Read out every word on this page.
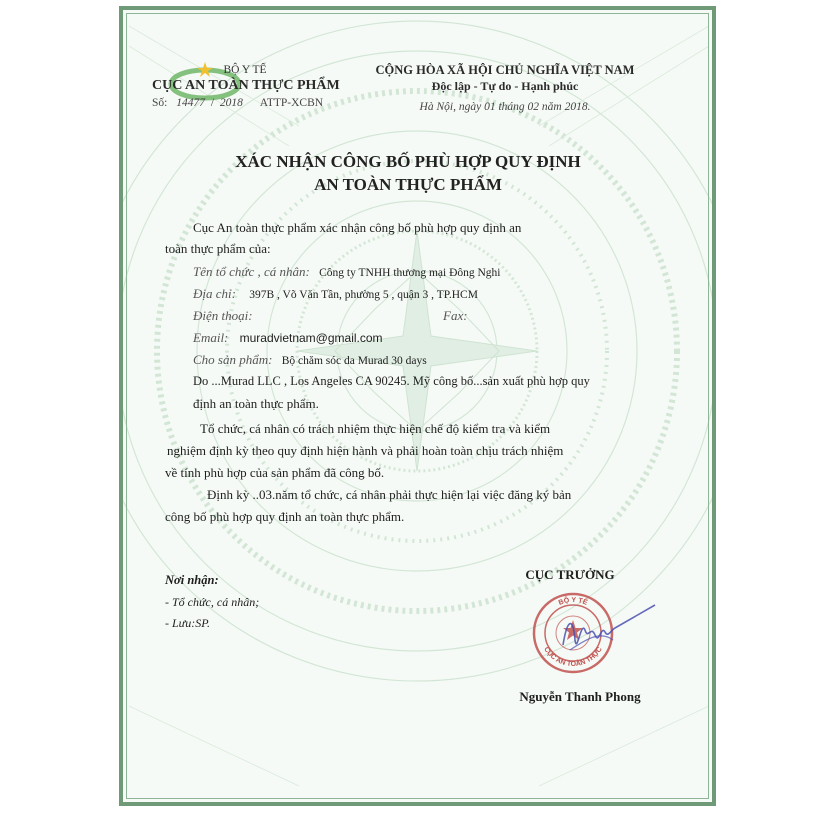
BỘ Y TẾ
CỤC AN TOÀN THỰC PHẨM
Số: 14477 / 2018 ATTP-XCBN
CỘNG HÒA XÃ HỘI CHỦ NGHĨA VIỆT NAM
Độc lập - Tự do - Hạnh phúc
Hà Nội, ngày 01 tháng 02 năm 2018.
XÁC NHẬN CÔNG BỐ PHÙ HỢP QUY ĐỊNH
AN TOÀN THỰC PHẨM
Cục An toàn thực phẩm xác nhận công bố phù hợp quy định an
toàn thực phẩm của:
Tên tổ chức , cá nhân: Công ty TNHH thương mại Đông Nghi
Địa chỉ: 397B , Võ Văn Tần, phường 5 , quận 3 , TP.HCM
Điện thoại:	Fax:
Email: muradvietnam@gmail.com
Cho sản phẩm: Bộ chăm sóc da Murad 30 days
Do ...Murad LLC , Los Angeles CA 90245. Mỹ công bố...sản xuất phù hợp quy
định an toàn thực phẩm.
Tổ chức, cá nhân có trách nhiệm thực hiện chế độ kiểm tra và kiểm
nghiệm định kỳ theo quy định hiện hành và phải hoàn toàn chịu trách nhiệm
về tính phù hợp của sản phẩm đã công bố.
Định kỳ ..03.năm tổ chức, cá nhân phải thực hiện lại việc đăng ký bản
công bố phù hợp quy định an toàn thực phẩm.
Nơi nhận:
- Tổ chức, cá nhân;
- Lưu:SP.
CỤC TRƯỞNG
BỘ Y TẾ
CỤC AN TOÀN THỰC
Nguyễn Thanh Phong
